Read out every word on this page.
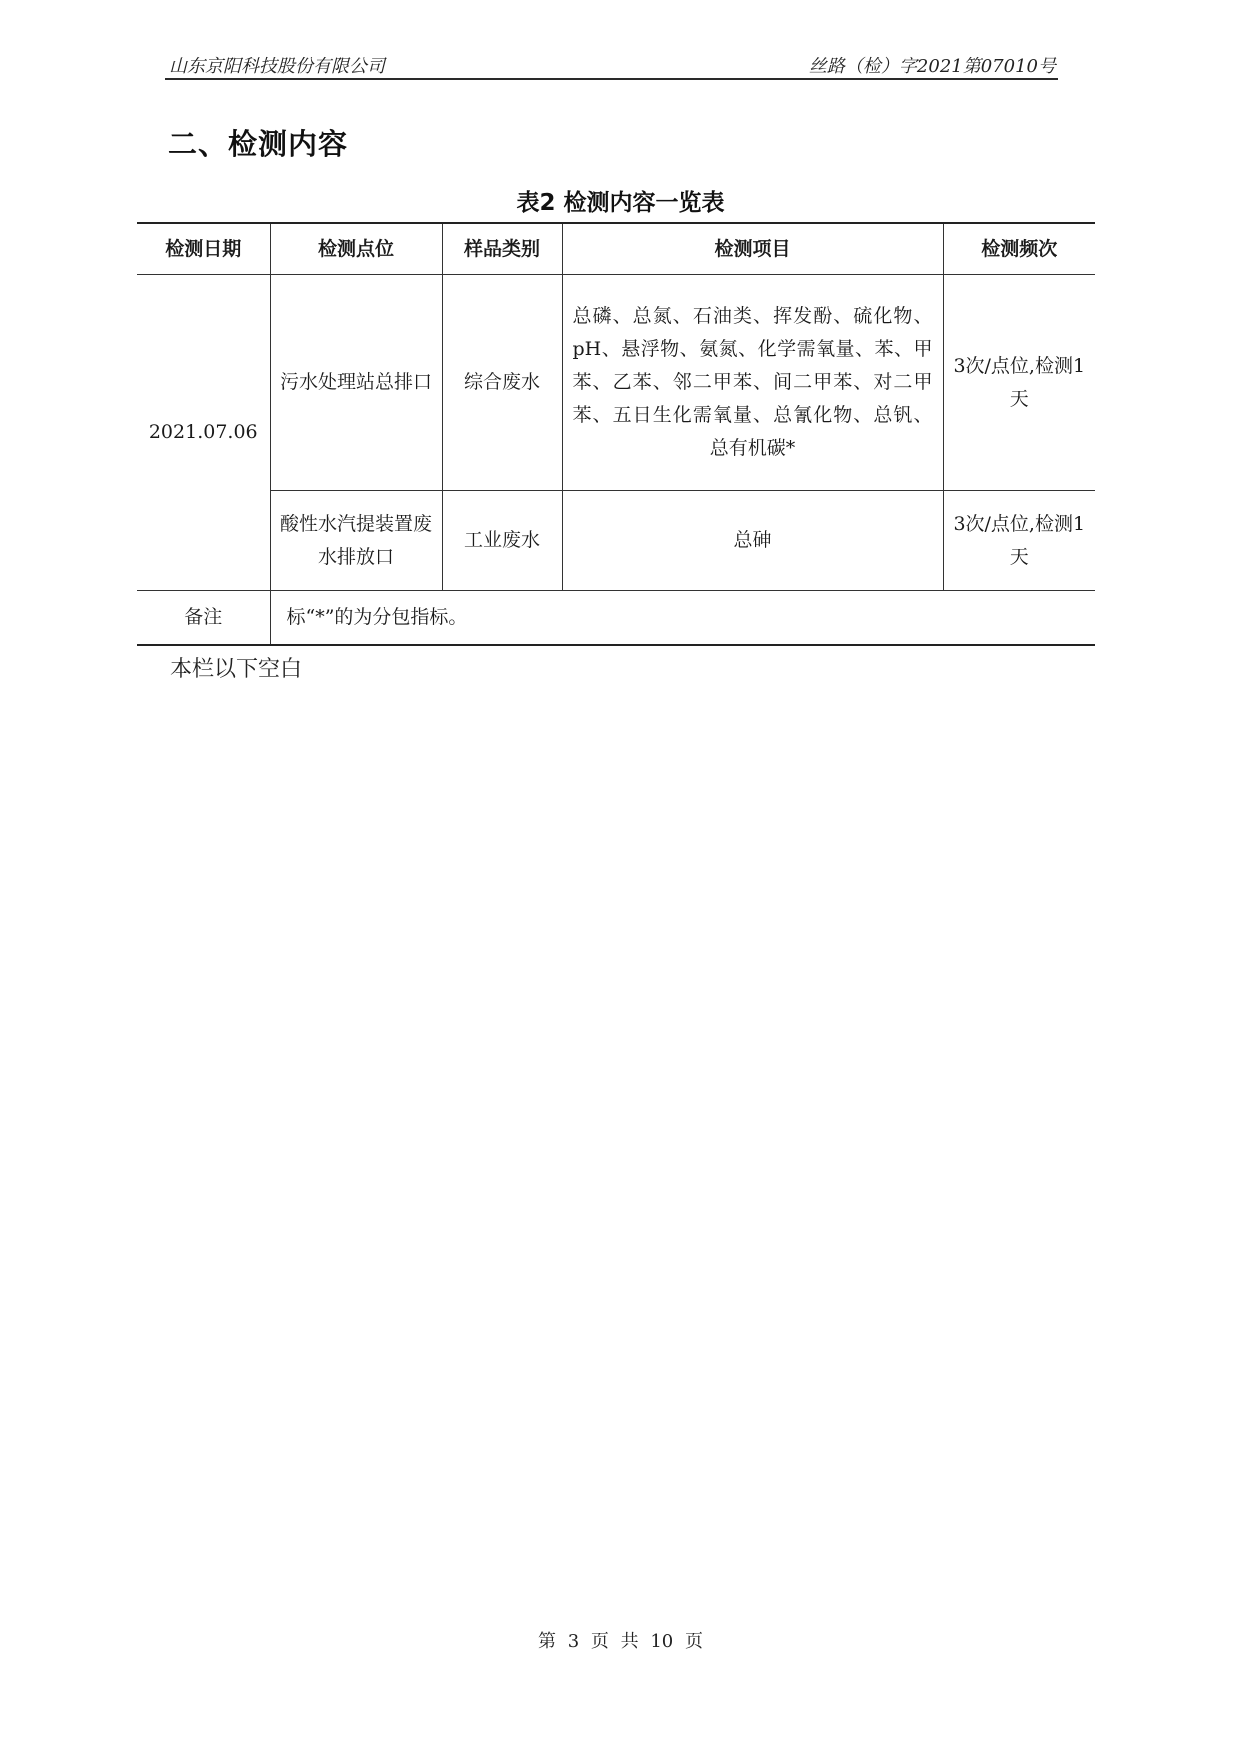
山东京阳科技股份有限公司	丝路（检）字2021第07010号
二、检测内容
表2 检测内容一览表
检测日期	检测点位	样品类别	检测项目	检测频次
2021.07.06	污水处理站总排口	综合废水	总磷、总氮、石油类、挥发酚、硫化物、pH、悬浮物、氨氮、化学需氧量、苯、甲苯、乙苯、邻二甲苯、间二甲苯、对二甲苯、五日生化需氧量、总氰化物、总钒、总有机碳*	3次/点位,检测1天
	酸性水汽提装置废水排放口	工业废水	总砷	3次/点位,检测1天
备注	标“*”的为分包指标。			
本栏以下空白
第 3 页 共 10 页
